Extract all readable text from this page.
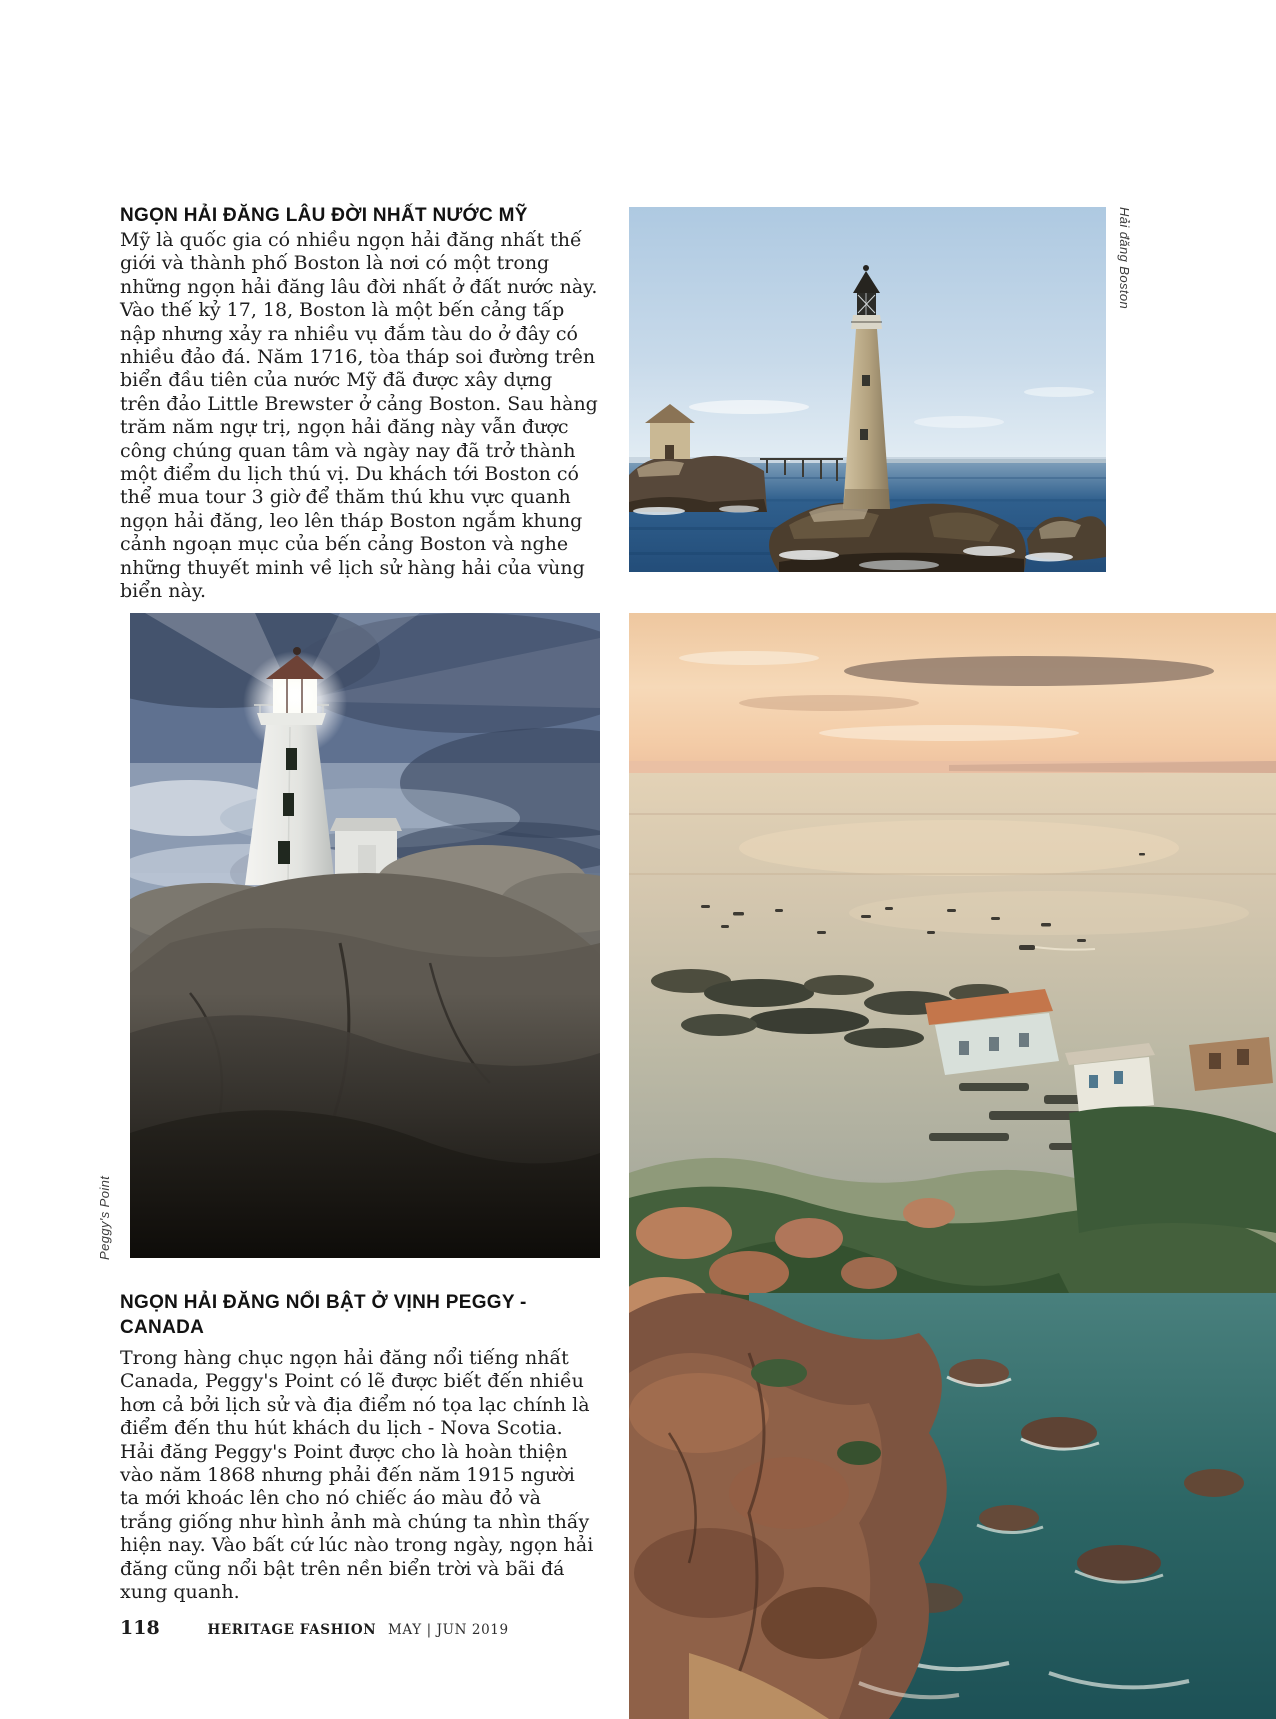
NGỌN HẢI ĐĂNG LÂU ĐỜI NHẤT NƯỚC MỸ
Mỹ là quốc gia có nhiều ngọn hải đăng nhất thế giới và thành phố Boston là nơi có một trong những ngọn hải đăng lâu đời nhất ở đất nước này. Vào thế kỷ 17, 18, Boston là một bến cảng tấp nập nhưng xảy ra nhiều vụ đắm tàu do ở đây có nhiều đảo đá. Năm 1716, tòa tháp soi đường trên biển đầu tiên của nước Mỹ đã được xây dựng trên đảo Little Brewster ở cảng Boston. Sau hàng trăm năm ngự trị, ngọn hải đăng này vẫn được công chúng quan tâm và ngày nay đã trở thành một điểm du lịch thú vị. Du khách tới Boston có thể mua tour 3 giờ để thăm thú khu vực quanh ngọn hải đăng, leo lên tháp Boston ngắm khung cảnh ngoạn mục của bến cảng Boston và nghe những thuyết minh về lịch sử hàng hải của vùng biển này.
Hải đăng Boston
Peggy's Point
NGỌN HẢI ĐĂNG NỔI BẬT Ở VỊNH PEGGY - CANADA
Trong hàng chục ngọn hải đăng nổi tiếng nhất Canada, Peggy's Point có lẽ được biết đến nhiều hơn cả bởi lịch sử và địa điểm nó tọa lạc chính là điểm đến thu hút khách du lịch - Nova Scotia. Hải đăng Peggy's Point được cho là hoàn thiện vào năm 1868 nhưng phải đến năm 1915 người ta mới khoác lên cho nó chiếc áo màu đỏ và trắng giống như hình ảnh mà chúng ta nhìn thấy hiện nay. Vào bất cứ lúc nào trong ngày, ngọn hải đăng cũng nổi bật trên nền biển trời và bãi đá xung quanh.
118	HERITAGE FASHION MAY | JUN 2019
